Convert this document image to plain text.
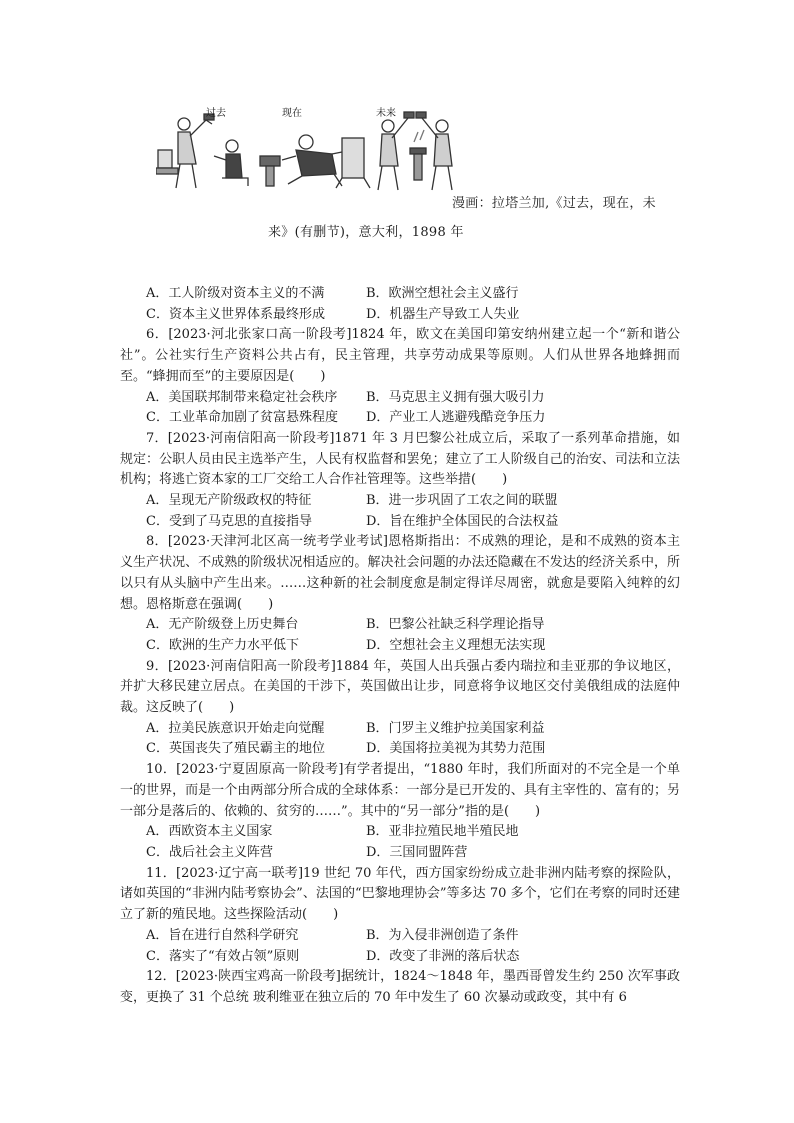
过去	现在	未来
漫画：拉塔兰加,《过去，现在，未
来》(有删节)，意大利，1898 年
A．工人阶级对资本主义的不满	B．欧洲空想社会主义盛行
C．资本主义世界体系最终形成	D．机器生产导致工人失业

6．[2023·河北张家口高一阶段考]1824 年，欧文在美国印第安纳州建立起一个“新和谐公社”。公社实行生产资料公共占有，民主管理，共享劳动成果等原则。人们从世界各地蜂拥而至。“蜂拥而至”的主要原因是(　　)

A．美国联邦制带来稳定社会秩序	B．马克思主义拥有强大吸引力
C．工业革命加剧了贫富悬殊程度	D．产业工人逃避残酷竞争压力

7．[2023·河南信阳高一阶段考]1871 年 3 月巴黎公社成立后，采取了一系列革命措施，如规定：公职人员由民主选举产生，人民有权监督和罢免；建立了工人阶级自己的治安、司法和立法机构；将逃亡资本家的工厂交给工人合作社管理等。这些举措(　　)

A．呈现无产阶级政权的特征	B．进一步巩固了工农之间的联盟
C．受到了马克思的直接指导	D．旨在维护全体国民的合法权益

8．[2023·天津河北区高一统考学业考试]恩格斯指出：不成熟的理论，是和不成熟的资本主义生产状况、不成熟的阶级状况相适应的。解决社会问题的办法还隐藏在不发达的经济关系中，所以只有从头脑中产生出来。……这种新的社会制度愈是制定得详尽周密，就愈是要陷入纯粹的幻想。恩格斯意在强调(　　)

A．无产阶级登上历史舞台	B．巴黎公社缺乏科学理论指导
C．欧洲的生产力水平低下	D．空想社会主义理想无法实现

9．[2023·河南信阳高一阶段考]1884 年，英国人出兵强占委内瑞拉和圭亚那的争议地区，并扩大移民建立居点。在美国的干涉下，英国做出让步，同意将争议地区交付美俄组成的法庭仲裁。这反映了(　　)

A．拉美民族意识开始走向觉醒	B．门罗主义维护拉美国家利益
C．英国丧失了殖民霸主的地位	D．美国将拉美视为其势力范围

10．[2023·宁夏固原高一阶段考]有学者提出，“1880 年时，我们所面对的不完全是一个单一的世界，而是一个由两部分所合成的全球体系：一部分是已开发的、具有主宰性的、富有的；另一部分是落后的、依赖的、贫穷的……”。其中的“另一部分”指的是(　　)

A．西欧资本主义国家	B．亚非拉殖民地半殖民地
C．战后社会主义阵营	D．三国同盟阵营

11．[2023·辽宁高一联考]19 世纪 70 年代，西方国家纷纷成立赴非洲内陆考察的探险队，诸如英国的“非洲内陆考察协会”、法国的“巴黎地理协会”等多达 70 多个，它们在考察的同时还建立了新的殖民地。这些探险活动(　　)

A．旨在进行自然科学研究	B．为入侵非洲创造了条件
C．落实了“有效占领”原则	D．改变了非洲的落后状态

12．[2023·陕西宝鸡高一阶段考]据统计，1824～1848 年，墨西哥曾发生约 250 次军事政变，更换了 31 个总统 玻利维亚在独立后的 70 年中发生了 60 次暴动或政变，其中有 6
